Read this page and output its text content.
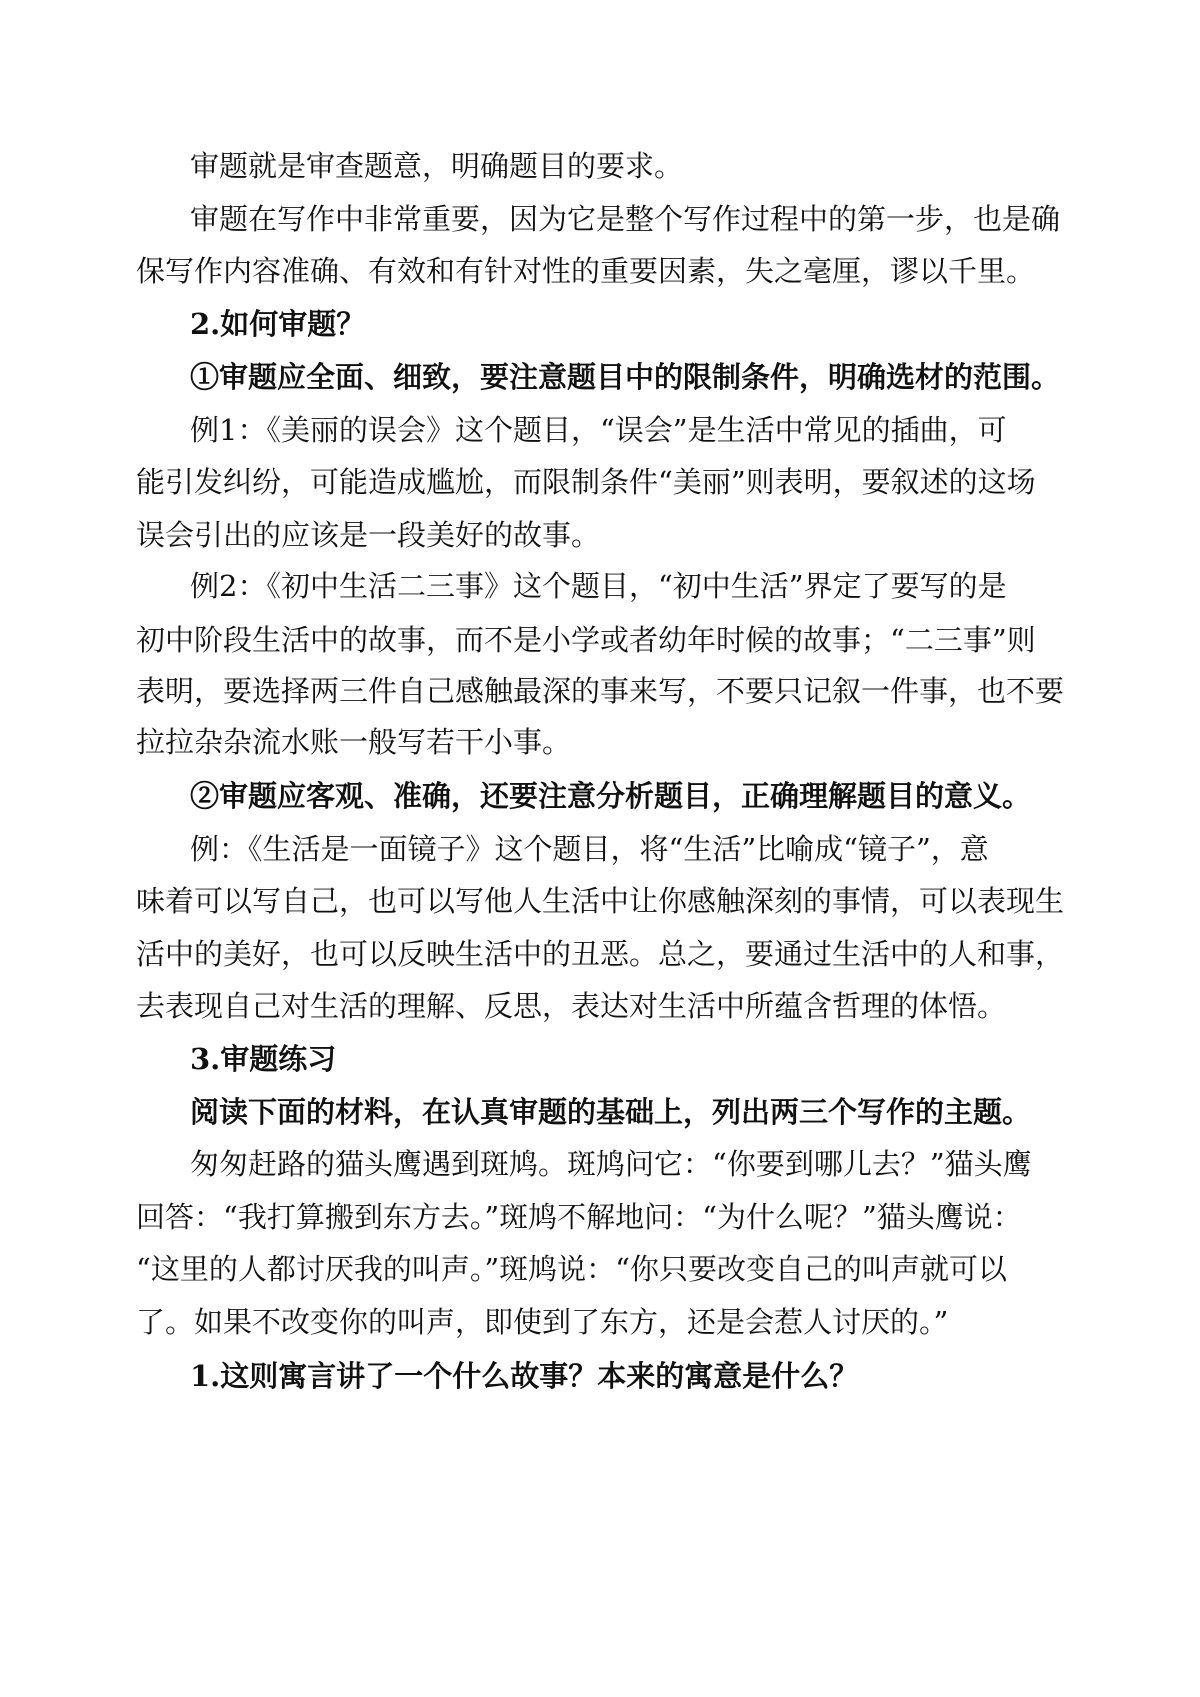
审题就是审查题意，明确题目的要求。
审题在写作中非常重要，因为它是整个写作过程中的第一步，也是确
保写作内容准确、有效和有针对性的重要因素，失之毫厘，谬以千里。
2.如何审题？
①审题应全面、细致，要注意题目中的限制条件，明确选材的范围。
例1：《美丽的误会》这个题目，“误会”是生活中常见的插曲，可
能引发纠纷，可能造成尴尬，而限制条件“美丽”则表明，要叙述的这场
误会引出的应该是一段美好的故事。
例2：《初中生活二三事》这个题目，“初中生活”界定了要写的是
初中阶段生活中的故事，而不是小学或者幼年时候的故事；“二三事”则
表明，要选择两三件自己感触最深的事来写，不要只记叙一件事，也不要
拉拉杂杂流水账一般写若干小事。
②审题应客观、准确，还要注意分析题目，正确理解题目的意义。
例：《生活是一面镜子》这个题目，将“生活”比喻成“镜子”，意
味着可以写自己，也可以写他人生活中让你感触深刻的事情，可以表现生
活中的美好，也可以反映生活中的丑恶。总之，要通过生活中的人和事，
去表现自己对生活的理解、反思，表达对生活中所蕴含哲理的体悟。
3.审题练习
阅读下面的材料，在认真审题的基础上，列出两三个写作的主题。
匆匆赶路的猫头鹰遇到斑鸠。斑鸠问它：“你要到哪儿去？”猫头鹰
回答：“我打算搬到东方去。”斑鸠不解地问：“为什么呢？”猫头鹰说：
“这里的人都讨厌我的叫声。”斑鸠说：“你只要改变自己的叫声就可以
了。如果不改变你的叫声，即使到了东方，还是会惹人讨厌的。”
1.这则寓言讲了一个什么故事？本来的寓意是什么？
